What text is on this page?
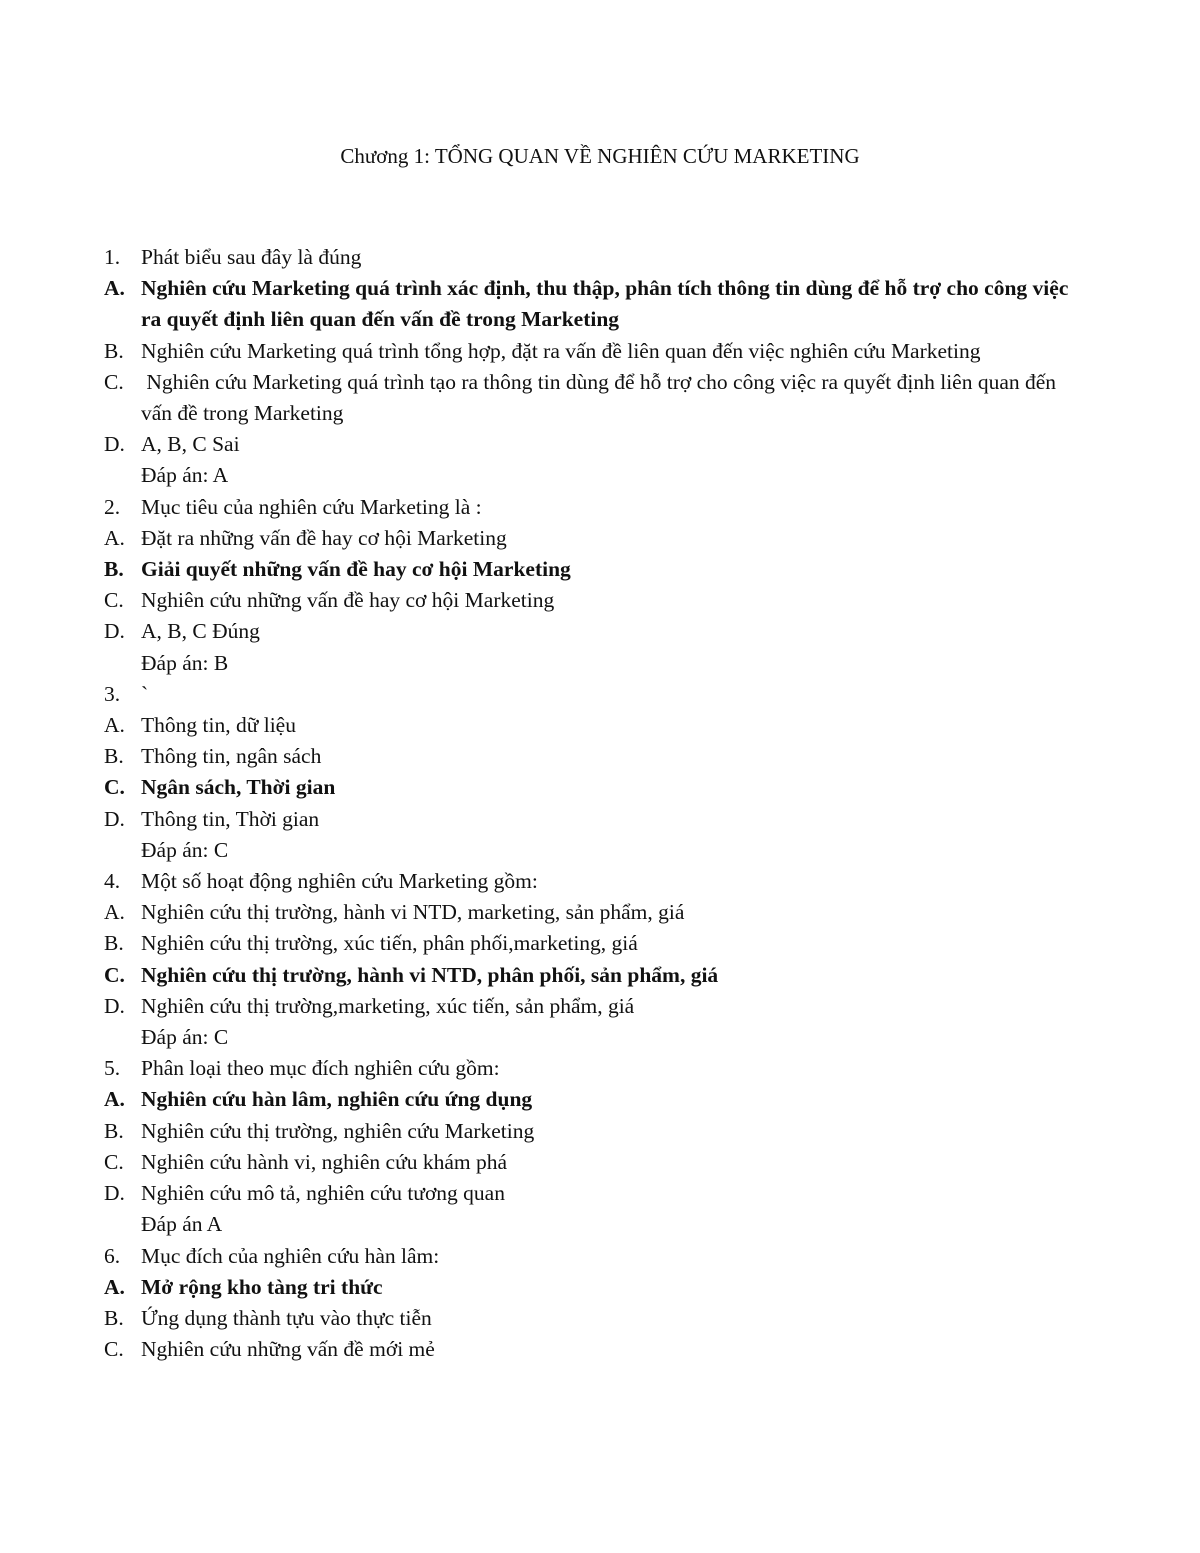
Chương 1: TỔNG QUAN VỀ NGHIÊN CỨU MARKETING
1. Phát biểu sau đây là đúng
A. Nghiên cứu Marketing quá trình xác định, thu thập, phân tích thông tin dùng để hỗ trợ cho công việc ra quyết định liên quan đến vấn đề trong Marketing
B. Nghiên cứu Marketing quá trình tổng hợp, đặt ra vấn đề liên quan đến việc nghiên cứu Marketing
C. Nghiên cứu Marketing quá trình tạo ra thông tin dùng để hỗ trợ cho công việc ra quyết định liên quan đến vấn đề trong Marketing
D. A, B, C Sai
Đáp án: A
2. Mục tiêu của nghiên cứu Marketing là :
A. Đặt ra những vấn đề hay cơ hội Marketing
B. Giải quyết những vấn đề hay cơ hội Marketing
C. Nghiên cứu những vấn đề hay cơ hội Marketing
D. A, B, C Đúng
Đáp án: B
3. `
A. Thông tin, dữ liệu
B. Thông tin, ngân sách
C. Ngân sách, Thời gian
D. Thông tin, Thời gian
Đáp án: C
4. Một số hoạt động nghiên cứu Marketing gồm:
A. Nghiên cứu thị trường, hành vi NTD, marketing, sản phẩm, giá
B. Nghiên cứu thị trường, xúc tiến, phân phối,marketing, giá
C. Nghiên cứu thị trường, hành vi NTD, phân phối, sản phẩm, giá
D. Nghiên cứu thị trường,marketing, xúc tiến, sản phẩm, giá
Đáp án: C
5. Phân loại theo mục đích nghiên cứu gồm:
A. Nghiên cứu hàn lâm, nghiên cứu ứng dụng
B. Nghiên cứu thị trường, nghiên cứu Marketing
C. Nghiên cứu hành vi, nghiên cứu khám phá
D. Nghiên cứu mô tả, nghiên cứu tương quan
Đáp án A
6. Mục đích của nghiên cứu hàn lâm:
A. Mở rộng kho tàng tri thức
B. Ứng dụng thành tựu vào thực tiễn
C. Nghiên cứu những vấn đề mới mẻ
